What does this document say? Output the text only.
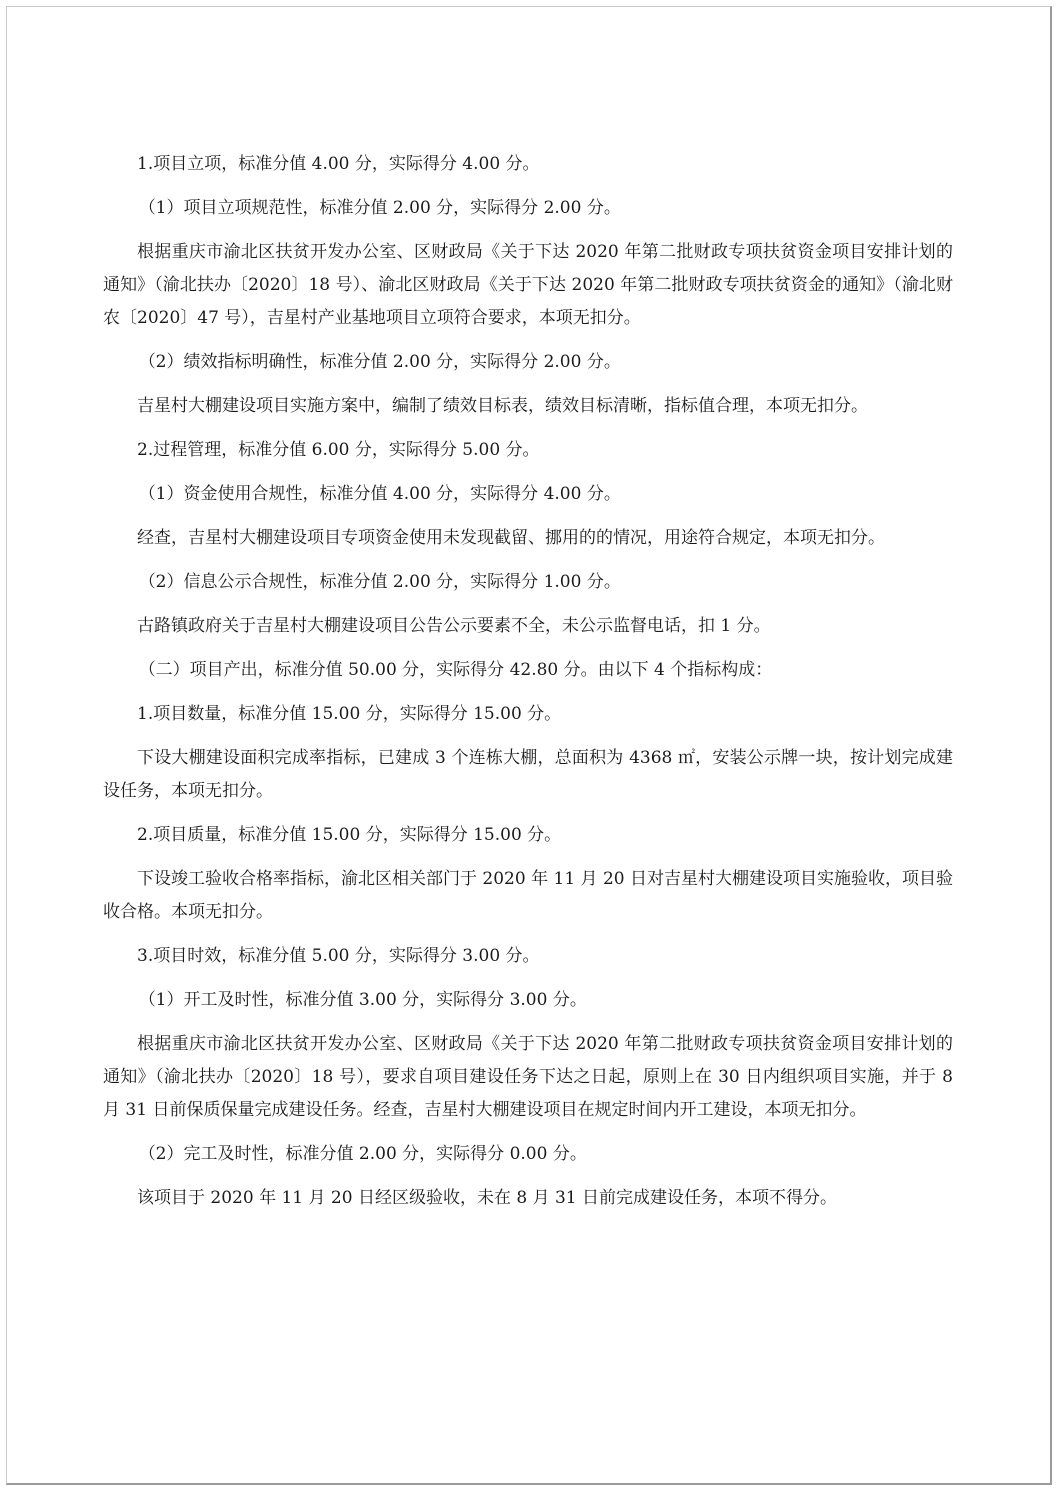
1.项目立项，标准分值 4.00 分，实际得分 4.00 分。

（1）项目立项规范性，标准分值 2.00 分，实际得分 2.00 分。

根据重庆市渝北区扶贫开发办公室、区财政局《关于下达 2020 年第二批财政专项扶贫资金项目安排计划的通知》（渝北扶办〔2020〕18 号）、渝北区财政局《关于下达 2020 年第二批财政专项扶贫资金的通知》（渝北财农〔2020〕47 号），吉星村产业基地项目立项符合要求，本项无扣分。

（2）绩效指标明确性，标准分值 2.00 分，实际得分 2.00 分。

吉星村大棚建设项目实施方案中，编制了绩效目标表，绩效目标清晰，指标值合理，本项无扣分。

2.过程管理，标准分值 6.00 分，实际得分 5.00 分。

（1）资金使用合规性，标准分值 4.00 分，实际得分 4.00 分。

经查，吉星村大棚建设项目专项资金使用未发现截留、挪用的的情况，用途符合规定，本项无扣分。

（2）信息公示合规性，标准分值 2.00 分，实际得分 1.00 分。

古路镇政府关于吉星村大棚建设项目公告公示要素不全，未公示监督电话，扣 1 分。

（二）项目产出，标准分值 50.00 分，实际得分 42.80 分。由以下 4 个指标构成：

1.项目数量，标准分值 15.00 分，实际得分 15.00 分。

下设大棚建设面积完成率指标，已建成 3 个连栋大棚，总面积为 4368 ㎡，安装公示牌一块，按计划完成建设任务，本项无扣分。

2.项目质量，标准分值 15.00 分，实际得分 15.00 分。

下设竣工验收合格率指标，渝北区相关部门于 2020 年 11 月 20 日对吉星村大棚建设项目实施验收，项目验收合格。本项无扣分。

3.项目时效，标准分值 5.00 分，实际得分 3.00 分。

（1）开工及时性，标准分值 3.00 分，实际得分 3.00 分。

根据重庆市渝北区扶贫开发办公室、区财政局《关于下达 2020 年第二批财政专项扶贫资金项目安排计划的通知》（渝北扶办〔2020〕18 号），要求自项目建设任务下达之日起，原则上在 30 日内组织项目实施，并于 8 月 31 日前保质保量完成建设任务。经查，吉星村大棚建设项目在规定时间内开工建设，本项无扣分。

（2）完工及时性，标准分值 2.00 分，实际得分 0.00 分。

该项目于 2020 年 11 月 20 日经区级验收，未在 8 月 31 日前完成建设任务，本项不得分。
